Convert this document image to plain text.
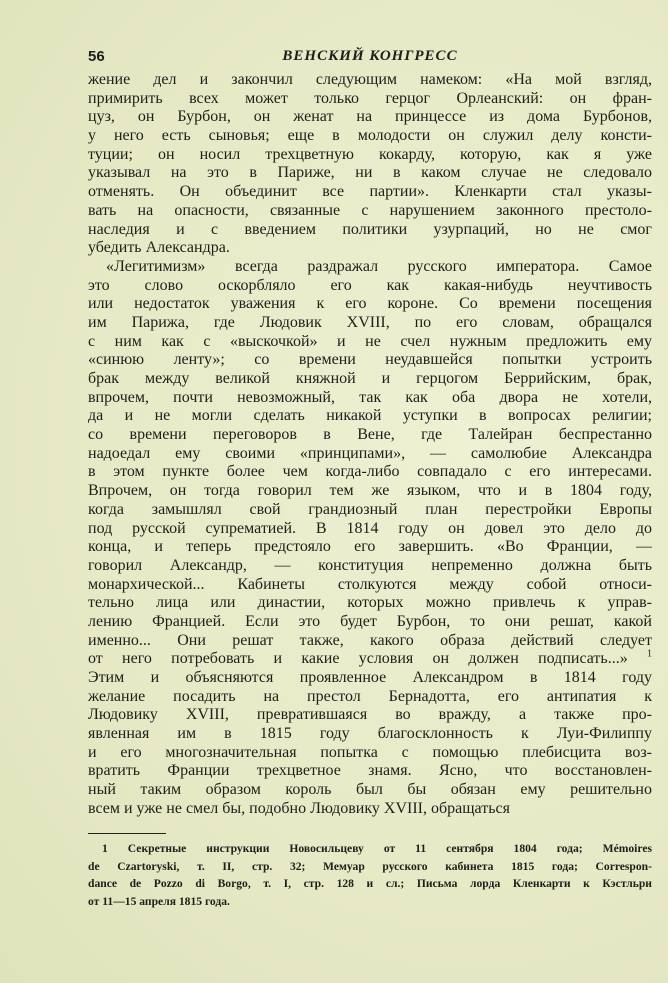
56	ВЕНСКИЙ КОНГРЕСС
жение дел и закончил следующим намеком: «На мой взгляд,
примирить всех может только герцог Орлеанский: он фран-
цуз, он Бурбон, он женат на принцессе из дома Бурбонов,
у него есть сыновья; еще в молодости он служил делу консти-
туции; он носил трехцветную кокарду, которую, как я уже
указывал на это в Париже, ни в каком случае не следовало
отменять. Он объединит все партии». Кленкарти стал указы-
вать на опасности, связанные с нарушением законного престоло-
наследия и с введением политики узурпаций, но не смог
убедить Александра.
«Легитимизм» всегда раздражал русского императора. Самое
это слово оскорбляло его как какая-нибудь неучтивость
или недостаток уважения к его короне. Со времени посещения
им Парижа, где Людовик XVIII, по его словам, обращался
с ним как с «выскочкой» и не счел нужным предложить ему
«синюю ленту»; со времени неудавшейся попытки устроить
брак между великой княжной и герцогом Беррийским, брак,
впрочем, почти невозможный, так как оба двора не хотели,
да и не могли сделать никакой уступки в вопросах религии;
со времени переговоров в Вене, где Талейран беспрестанно
надоедал ему своими «принципами», — самолюбие Александра
в этом пункте более чем когда-либо совпадало с его интересами.
Впрочем, он тогда говорил тем же языком, что и в 1804 году,
когда замышлял свой грандиозный план перестройки Европы
под русской супрематией. В 1814 году он довел это дело до
конца, и теперь предстояло его завершить. «Во Франции, —
говорил Александр, — конституция непременно должна быть
монархической... Кабинеты столкуются между собой относи-
тельно лица или династии, которых можно привлечь к управ-
лению Францией. Если это будет Бурбон, то они решат, какой
именно... Они решат также, какого образа действий следует
от него потребовать и какие условия он должен подписать...» $^1$
Этим и объясняются проявленное Александром в 1814 году
желание посадить на престол Бернадотта, его антипатия к
Людовику XVIII, превратившаяся во вражду, а также про-
явленная им в 1815 году благосклонность к Луи-Филиппу
и его многозначительная попытка с помощью плебисцита воз-
вратить Франции трехцветное знамя. Ясно, что восстановлен-
ный таким образом король был бы обязан ему решительно
всем и уже не смел бы, подобно Людовику XVIII, обращаться
1 Секретные инструкции Новосильцеву от 11 сентября 1804 года; Mémoires
de Czartoryski, т. II, стр. 32; Мемуар русского кабинета 1815 года; Correspon-
dance de Pozzo di Borgo, т. I, стр. 128 и сл.; Письма лорда Кленкарти к Кэстльри
от 11—15 апреля 1815 года.
